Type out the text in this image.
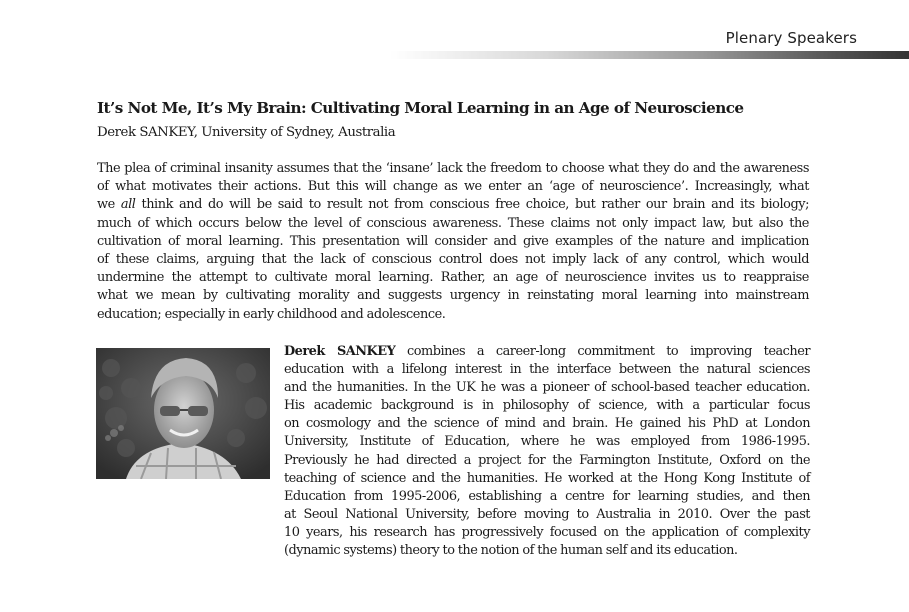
Plenary Speakers
It’s Not Me, It’s My Brain: Cultivating Moral Learning in an Age of Neuroscience
Derek SANKEY, University of Sydney, Australia
The plea of criminal insanity assumes that the ‘insane’ lack the freedom to choose what they do and the awareness
of what motivates their actions. But this will change as we enter an ‘age of neuroscience’. Increasingly, what
we all think and do will be said to result not from conscious free choice, but rather our brain and its biology;
much of which occurs below the level of conscious awareness. These claims not only impact law, but also the
cultivation of moral learning. This presentation will consider and give examples of the nature and implication
of these claims, arguing that the lack of conscious control does not imply lack of any control, which would
undermine the attempt to cultivate moral learning. Rather, an age of neuroscience invites us to reappraise
what we mean by cultivating morality and suggests urgency in reinstating moral learning into mainstream
education; especially in early childhood and adolescence.
Derek SANKEY combines a career-long commitment to improving teacher
education with a lifelong interest in the interface between the natural sciences
and the humanities. In the UK he was a pioneer of school-based teacher education.
His academic background is in philosophy of science, with a particular focus
on cosmology and the science of mind and brain. He gained his PhD at London
University, Institute of Education, where he was employed from 1986-1995.
Previously he had directed a project for the Farmington Institute, Oxford on the
teaching of science and the humanities. He worked at the Hong Kong Institute of
Education from 1995-2006, establishing a centre for learning studies, and then
at Seoul National University, before moving to Australia in 2010. Over the past
10 years, his research has progressively focused on the application of complexity
(dynamic systems) theory to the notion of the human self and its education.
